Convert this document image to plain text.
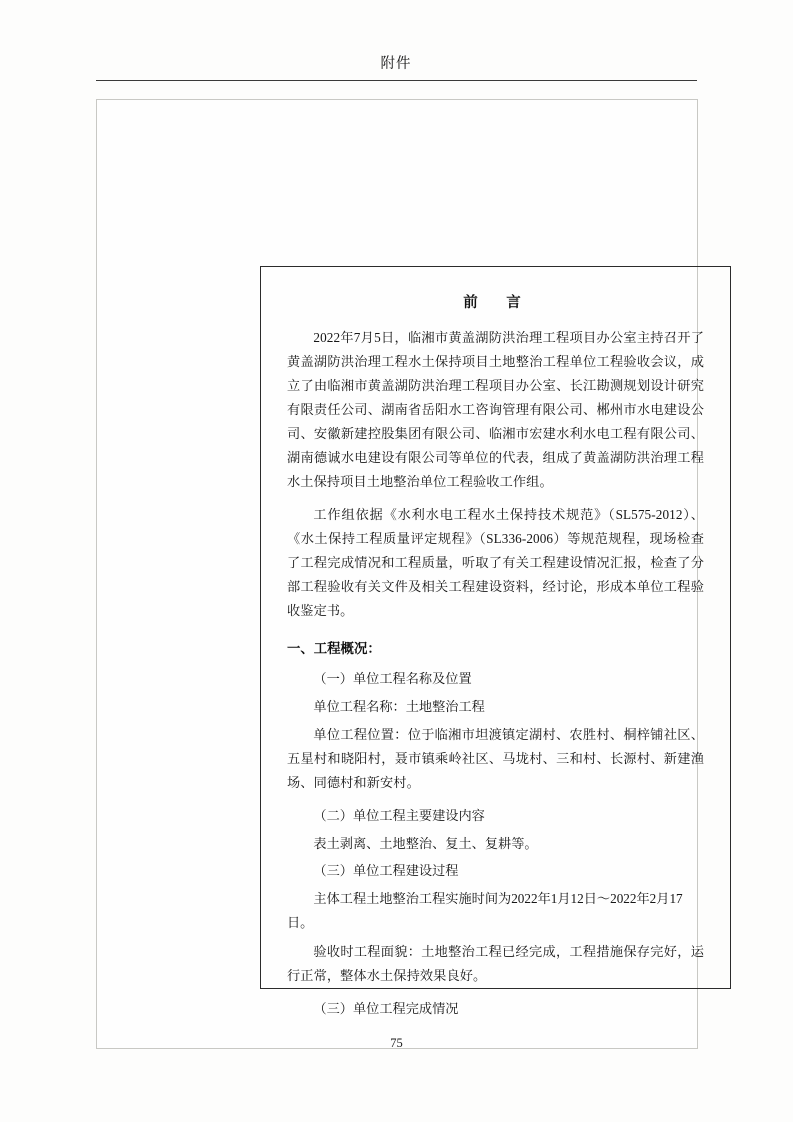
附件
前　言

2022年7月5日，临湘市黄盖湖防洪治理工程项目办公室主持召开了黄盖湖防洪治理工程水土保持项目土地整治工程单位工程验收会议，成立了由临湘市黄盖湖防洪治理工程项目办公室、长江勘测规划设计研究有限责任公司、湖南省岳阳水工咨询管理有限公司、郴州市水电建设公司、安徽新建控股集团有限公司、临湘市宏建水利水电工程有限公司、湖南德诚水电建设有限公司等单位的代表，组成了黄盖湖防洪治理工程水土保持项目土地整治单位工程验收工作组。

工作组依据《水利水电工程水土保持技术规范》（SL575-2012）、《水土保持工程质量评定规程》（SL336-2006）等规范规程，现场检查了工程完成情况和工程质量，听取了有关工程建设情况汇报，检查了分部工程验收有关文件及相关工程建设资料，经讨论，形成本单位工程验收鉴定书。

一、工程概况：

（一）单位工程名称及位置

单位工程名称：土地整治工程

单位工程位置：位于临湘市坦渡镇定湖村、农胜村、桐梓铺社区、五星村和晓阳村，聂市镇乘岭社区、马垅村、三和村、长源村、新建渔场、同德村和新安村。

（二）单位工程主要建设内容

表土剥离、土地整治、复土、复耕等。

（三）单位工程建设过程

主体工程土地整治工程实施时间为2022年1月12日～2022年2月17日。

验收时工程面貌：土地整治工程已经完成，工程措施保存完好，运行正常，整体水土保持效果良好。

（三）单位工程完成情况

75
